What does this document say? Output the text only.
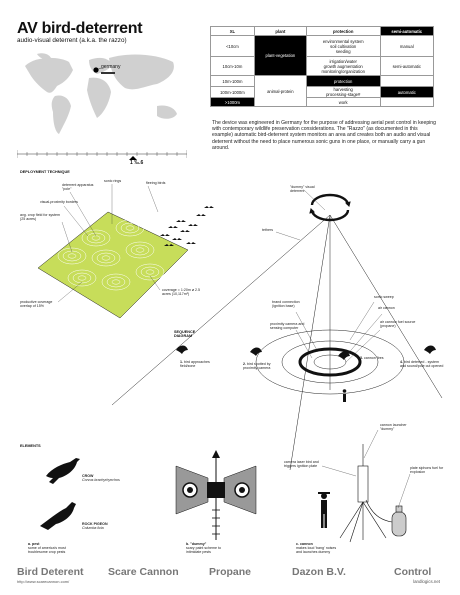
AV bird-deterrent
audio-visual deterrent (a.k.a. the razzo)
germany
1 ‰.6
XL	plant	protection	semi-automatic
<10cm	plant-vegetation	environmental system
soil cultivation
seeding	manual
10cm-10m		irrigation/water
growth augmentation
monitoring/organization	semi-automatic
10m-100m	animal-protein	protection	
100m-1000m		harvesting
processing-stage#	automatic
>1000m		work	
The device was engineered in Germany for the purpose of addressing aerial pest control in keeping with contemporary wildlife preservation considerations. The "Razzo" (as documented in this example) automatic bird-deterrent system monitors an area and creates both an audio and visual deterrent without the need to place numerous sonic guns in one place, or manually carry a gun around.
DEPLOYMENT TECHNIQUE
deterrent apparatus "pole"
sonic rings	fleeing birds
visual-proximity borders
avg. crop field for system (25 acres)
coverage = 1:20m ø 2.5 acres (10,117m²)
productive coverage overlap of 15%
SEQUENCE DIAGRAM
1. bird approaches field/zone
2. bird spotted by proximity camera
3. cannon fires
4. bird deterred - system and sound/pole cut opened
"dummy" visual deterrent
tethers
brand connection (ignition base)
proximity camera and sensing computer
air cannon
air cannon fuel source (propane)
sonic sweep
ELEMENTS
CROW
Corvus brachyrhynchos
ROCK PIGEON
Columba livia
a. pest
some of america's most troublesome crop pests
b. "dummy"
scary paint scheme to intimidate pests
c. cannon
makes loud 'bang' noises and launches dummy
cannon launcher "dummy"
camera laser bird and triggers ignition plate	plate siphons fuel for explosion
Bird Deterent Scare Cannon	Propane	Dazon B.V.	Control
http://www.scarecannon.com/	landlogics.net
